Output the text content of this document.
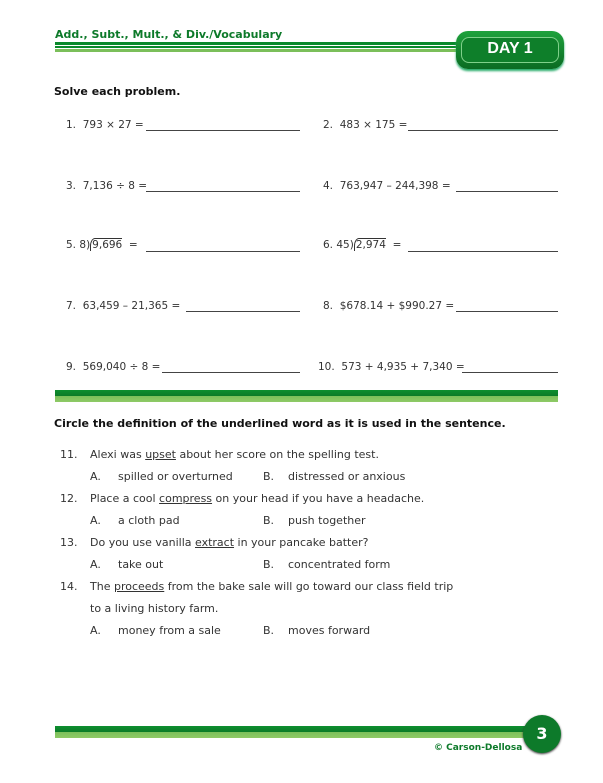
Add., Subt., Mult., & Div./Vocabulary
DAY 1
Solve each problem.
1. 793 × 27 =	2. 483 × 175 =
3. 7,136 ÷ 8 =	4. 763,947 – 244,398 =
5. 8) 9,696 =	6. 45) 2,974 =
7. 63,459 – 21,365 =	8. $678.14 + $990.27 =
9. 569,040 ÷ 8 =	10. 573 + 4,935 + 7,340 =
Circle the definition of the underlined word as it is used in the sentence.
11. Alexi was upset about her score on the spelling test.
A. spilled or overturned	B. distressed or anxious
12. Place a cool compress on your head if you have a headache.
A. a cloth pad	B. push together
13. Do you use vanilla extract in your pancake batter?
A. take out	B. concentrated form
14. The proceeds from the bake sale will go toward our class field trip
to a living history farm.
A. money from a sale	B. moves forward
3
© Carson-Dellosa
